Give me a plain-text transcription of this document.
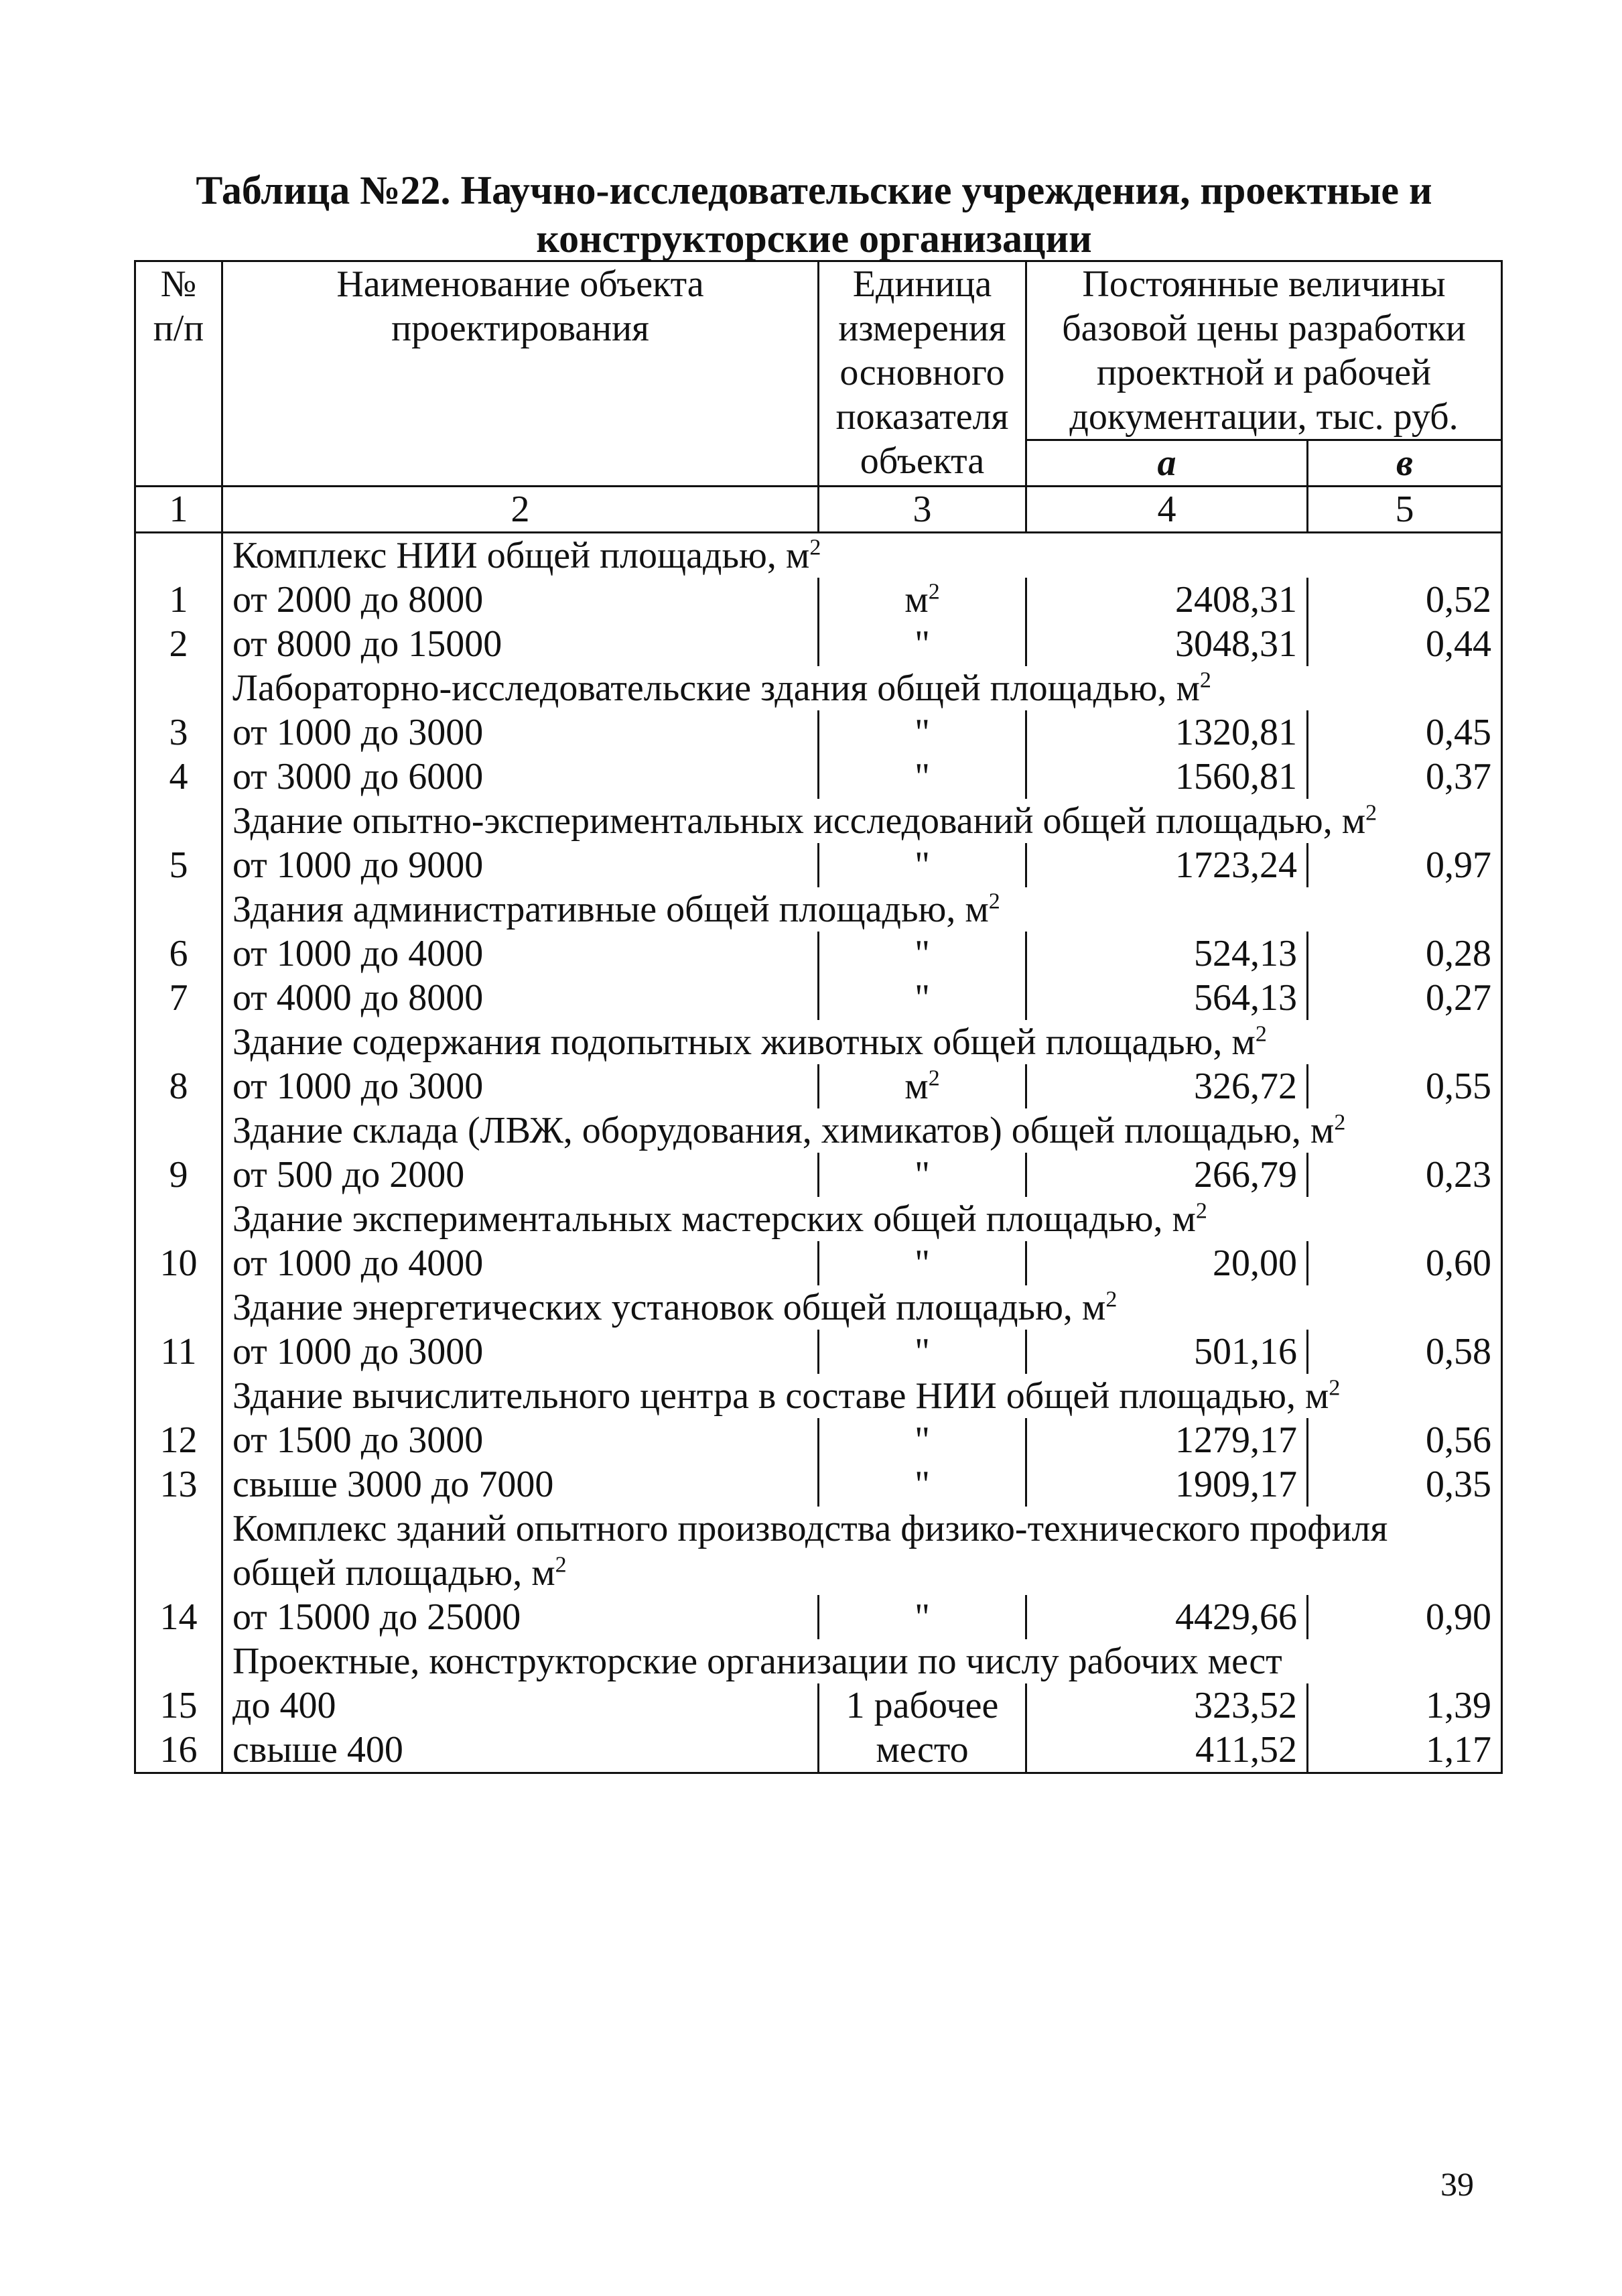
Таблица №22. Научно-исследовательские учреждения, проектные и
конструкторские организации
№ п/п	Наименование объекта проектирования	Единица измерения основного показателя объекта	Постоянные величины базовой цены разработки проектной и рабочей документации, тыс. руб.	
			а	в
1	2	3	4	5
	Комплекс НИИ общей площадью, $м^2$
1	от 2000 до 8000	$м^2$	2408,31	0,52
2	от 8000 до 15000	"	3048,31	0,44
	Лабораторно-исследовательские здания общей площадью, $м^2$
3	от 1000 до 3000	"	1320,81	0,45
4	от 3000 до 6000	"	1560,81	0,37
	Здание опытно-экспериментальных исследований общей площадью, $м^2$
5	от 1000 до 9000	"	1723,24	0,97
	Здания административные общей площадью, $м^2$
6	от 1000 до 4000	"	524,13	0,28
7	от 4000 до 8000	"	564,13	0,27
	Здание содержания подопытных животных общей площадью, $м^2$
8	от 1000 до 3000	$м^2$	326,72	0,55
	Здание склада (ЛВЖ, оборудования, химикатов) общей площадью, $м^2$
9	от 500 до 2000	"	266,79	0,23
	Здание экспериментальных мастерских общей площадью, $м^2$
10	от 1000 до 4000	"	20,00	0,60
	Здание энергетических установок общей площадью, $м^2$
11	от 1000 до 3000	"	501,16	0,58
	Здание вычислительного центра в составе НИИ общей площадью, $м^2$
12	от 1500 до 3000	"	1279,17	0,56
13	свыше 3000 до 7000	"	1909,17	0,35
	Комплекс зданий опытного производства физико-технического профиля общей площадью, $м^2$
14	от 15000 до 25000	"	4429,66	0,90
	Проектные, конструкторские организации по числу рабочих мест			
15	до 400	1 рабочее	323,52	1,39
16	свыше 400	место	411,52	1,17
39
